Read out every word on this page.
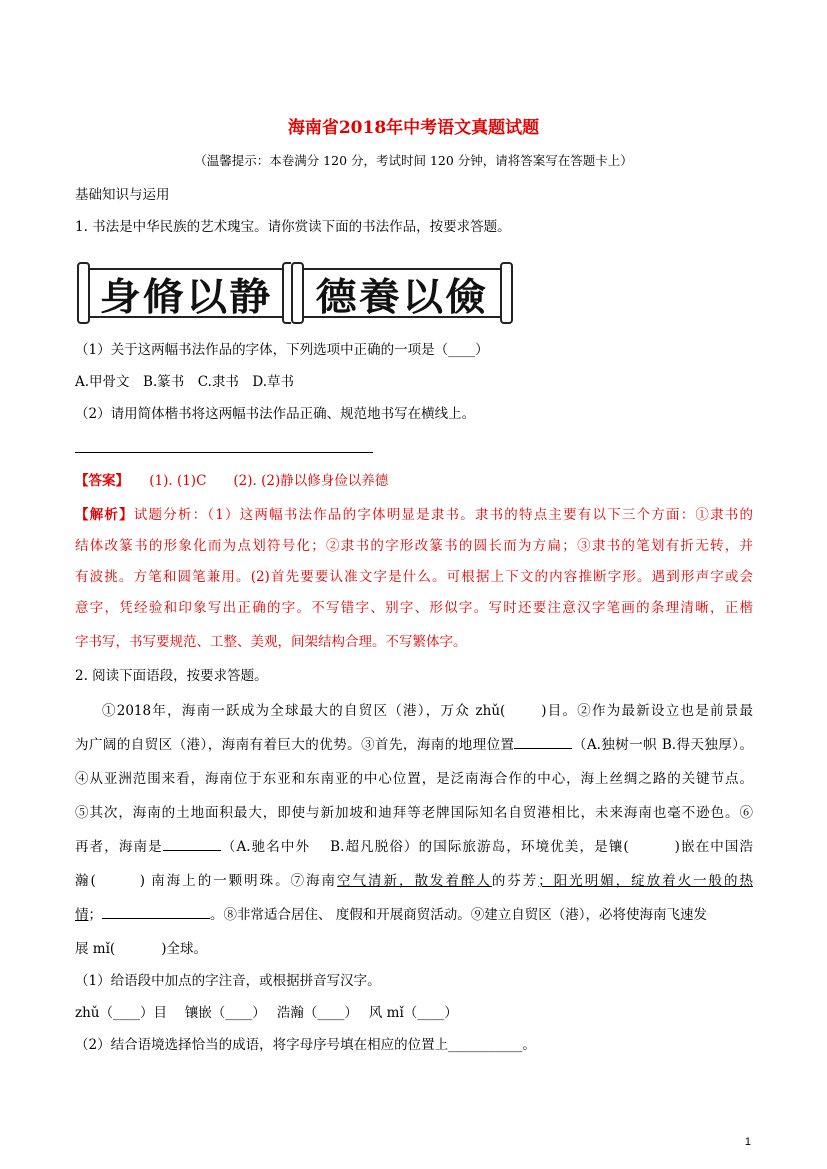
海南省2018年中考语文真题试题
（温馨提示：本卷满分 120 分，考试时间 120 分钟，请将答案写在答题卡上）
基础知识与运用
1. 书法是中华民族的艺术瑰宝。请你赏读下面的书法作品，按要求答题。
身脩以静	德養以儉
（1）关于这两幅书法作品的字体，下列选项中正确的一项是（____）
A.甲骨文　B.篆书　C.隶书　D.草书
（2）请用简体楷书将这两幅书法作品正确、规范地书写在横线上。
【答案】　　(1). (1)C　　(2). (2)静以修身俭以养德
【解析】试题分析：（1）这两幅书法作品的字体明显是隶书。隶书的特点主要有以下三个方面：①隶书的
结体改篆书的形象化而为点划符号化；②隶书的字形改篆书的圆长而为方扁；③隶书的笔划有折无转，并
有波挑。方笔和圆笔兼用。(2)首先要要认准文字是什么。可根据上下文的内容推断字形。遇到形声字或会
意字，凭经验和印象写出正确的字。不写错字、别字、形似字。写时还要注意汉字笔画的条理清晰，正楷
字书写，书写要规范、工整、美观，间架结构合理。不写繁体字。
2. 阅读下面语段，按要求答题。
①2018年，海南一跃成为全球最大的自贸区（港），万众 zhǔ(	)目。②作为最新设立也是前景最
为广阔的自贸区（港），海南有着巨大的优势。③首先，海南的地理位置	（A.独树一帜 B.得天独厚）。
④从亚洲范围来看，海南位于东亚和东南亚的中心位置，是泛南海合作的中心，海上丝绸之路的关键节点。
⑤其次，海南的土地面积最大，即使与新加坡和迪拜等老牌国际知名自贸港相比，未来海南也毫不逊色。⑥
再者，海南是	（A.驰名中外　 B.超凡脱俗）的国际旅游岛，环境优美，是镶(	)嵌在中国浩
瀚(	) 南海上的一颗明珠。⑦海南空气清新，散发着醉人的芬芳；阳光明媚，绽放着火一般的热
情；	。⑧非常适合居住、 度假和开展商贸活动。⑨建立自贸区（港），必将使海南飞速发
展 mǐ(	)全球。
（1）给语段中加点的字注音，或根据拼音写汉字。
zhǔ（____）目　 镶嵌（____）　 浩瀚（____）　 风 mǐ（____）
（2）结合语境选择恰当的成语，将字母序号填在相应的位置上___________。
1
